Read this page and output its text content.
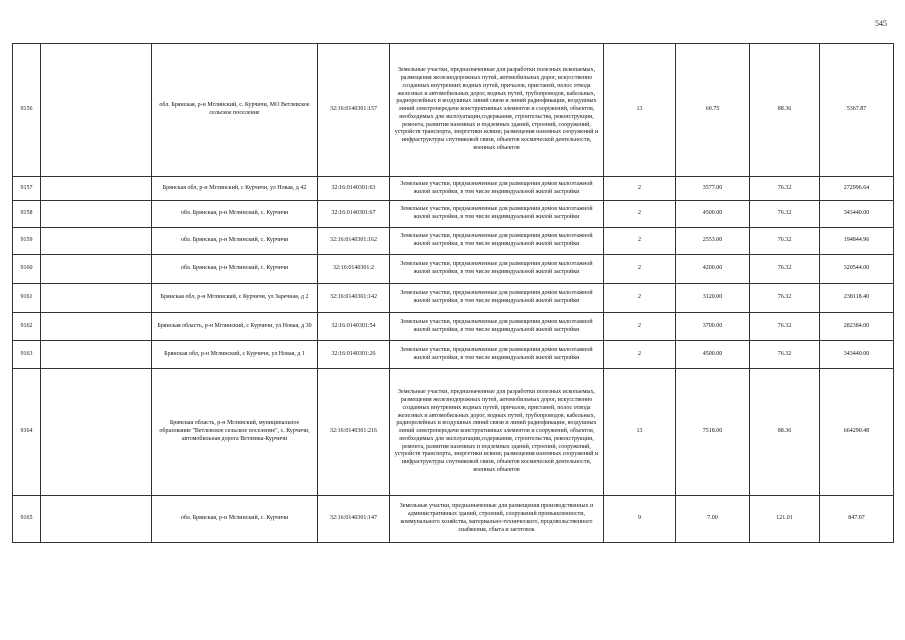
545
9156		обл. Брянская, р-н Мглинский, с. Курчичи, МО Ветлевское сельское поселение	32:16:0140301:157	Земельные участки, предназначенные для разработки полезных ископаемых, размещения железнодорожных путей, автомобильных дорог, искусственно созданных внутренних водных путей, причалов, пристаней, полос отвода железных и автомобильных дорог, водных путей, трубопроводов, кабельных, радиорелейных и воздушных линий связи и линий радиофикации, воздушных линий электропередачи конструктивных элементов и сооружений, объектов, необходимых для эксплуатации,содержания, строительства, реконструкции, ремонта, развития наземных и подземных зданий, строений, сооружений, устройств транспорта, энергетики исвязи; размещения наземных сооружений и инфраструктуры спутниковой связи, объектов космической деятельности, военных объектов	13	60.75	88.36	5367.87
9157		Брянская обл, р-н Мглинский, с Курчичи, ул Новая, д 42	32:16:0140301:63	Земельные участки, предназначенные для размещения домов малоэтажной жилой застройки, в том числе индивидуальной жилой застройки	2	3577.00	76.32	272996.64
9158		обл. Брянская, р-н Мглинский, с. Курчичи	32:16:0140301:67	Земельные участки, предназначенные для размещения домов малоэтажной жилой застройки, в том числе индивидуальной жилой застройки	2	4500.00	76.32	343440.00
9159		обл. Брянская, р-н Мглинский, с. Курчичи	32:16:0140301:162	Земельные участки, предназначенные для размещения домов малоэтажной жилой застройки, в том числе индивидуальной жилой застройки	2	2553.00	76.32	194844.96
9160		обл. Брянская, р-н Мглинский, с. Курчичи	32:16:0140301:2	Земельные участки, предназначенные для размещения домов малоэтажной жилой застройки, в том числе индивидуальной жилой застройки	2	4200.00	76.32	320544.00
9161		Брянская обл, р-н Мглинский, с Курчичи, ул Заречная, д 2	32:16:0140301:142	Земельные участки, предназначенные для размещения домов малоэтажной жилой застройки, в том числе индивидуальной жилой застройки	2	3120.00	76.32	238118.40
9162		Брянская область, р-н Мглинский, с Курчичи, ул Новая, д 30	32:16:0140301:54	Земельные участки, предназначенные для размещения домов малоэтажной жилой застройки, в том числе индивидуальной жилой застройки	2	3700.00	76.32	282384.00
9163		Брянская обл, р-н Мглинский, с Курчичи, ул Новая, д 1	32:16:0140301:26	Земельные участки, предназначенные для размещения домов малоэтажной жилой застройки, в том числе индивидуальной жилой застройки	2	4500.00	76.32	343440.00
9164		Брянская область, р-н Мглинский, муниципальное образование "Ветлевское сельское поселение", с. Курчичи, автомобильная дорога Ветлевка-Курчичи	32:16:0140301:216	Земельные участки, предназначенные для разработки полезных ископаемых, размещения железнодорожных путей, автомобильных дорог, искусственно созданных внутренних водных путей, причалов, пристаней, полос отвода железных и автомобильных дорог, водных путей, трубопроводов, кабельных, радиорелейных и воздушных линий связи и линий радиофикации, воздушных линий электропередачи конструктивных элементов и сооружений, объектов, необходимых для эксплуатации,содержания, строительства, реконструкции, ремонта, развития наземных и подземных зданий, строений, сооружений, устройств транспорта, энергетики исвязи; размещения наземных сооружений и инфраструктуры спутниковой связи, объектов космической деятельности, военных объектов	13	7518.00	88.36	664290.48
9165		обл. Брянская, р-н Мглинский, с. Курчичи	32:16:0140301:147	Земельные участки, предназначенные для размещения производственных и административных зданий, строений, сооружений промышленности, коммунального хозяйства, материально-технического, продовольственного снабжения, сбыта и заготовок	9	7.00	121.01	847.07
